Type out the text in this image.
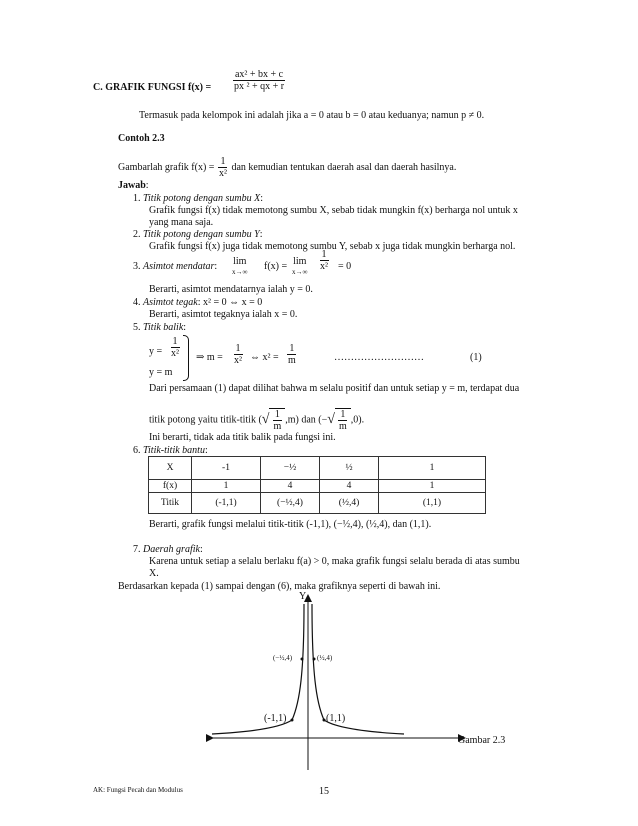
C. GRAFIK FUNGSI $f(x) = \frac{\text{ax² + bx + c}}{\text{px ² + qx + r}}$
Termasuk pada kelompok ini adalah jika a = 0 atau b = 0 atau keduanya; namun p ≠ 0.
Contoh 2.3
Gambarlah grafik $f(x) = \frac{1}{\text{x²}}$ dan kemudian tentukan daerah asal dan daerah hasilnya.
Jawab:
1. Titik potong dengan sumbu X:
Grafik fungsi f(x) tidak memotong sumbu X, sebab tidak mungkin f(x) berharga nol untuk x
yang mana saja.
2. Titik potong dengan sumbu Y:
Grafik fungsi f(x) juga tidak memotong sumbu Y, sebab x juga tidak mungkin berharga nol.
3. Asimtot mendatar: lim
x→∞ f(x) = lim
$x\to\infty \frac{1}{\text{x²}} = 0$
Berarti, asimtot mendatarnya ialah y = 0.
4. Asimtot tegak: x² = 0 ⇔ x = 0
Berarti, asimtot tegaknya ialah x = 0.
5. Titik balik:
$y = \frac{1}{\text{x²}}$
y = m
⇒ $m = \frac{1}{\text{x²}}$ ⇔ $x^2 = \frac{1}{m}$	………………………	(1)
Dari persamaan (1) dapat dilihat bahwa m selalu positif dan untuk setiap y = m, terdapat dua
titik potong yaitu titik-titik ( √ $\frac{1}{m} ,m$) dan (− √ $\frac{1}{m} ,0$).
Ini berarti, tidak ada titik balik pada fungsi ini.
6. Titik-titik bantu:
X	-1	−½	½	1
f(x)	1	4	4	1
Titik	(-1,1)	(−½,4)	(½,4)	(1,1)
Berarti, grafik fungsi melalui titik-titik (-1,1), (−½,4), (½,4), dan (1,1).
7. Daerah grafik:
Karena untuk setiap a selalu berlaku f(a) > 0, maka grafik fungsi selalu berada di atas sumbu
X.
Berdasarkan kepada (1) sampai dengan (6), maka grafiknya seperti di bawah ini.
Y
(−½,4)	(½,4)
(-1,1)	(1,1)
Gambar 2.3
AK: Fungsi Pecah dan Modulus	15
